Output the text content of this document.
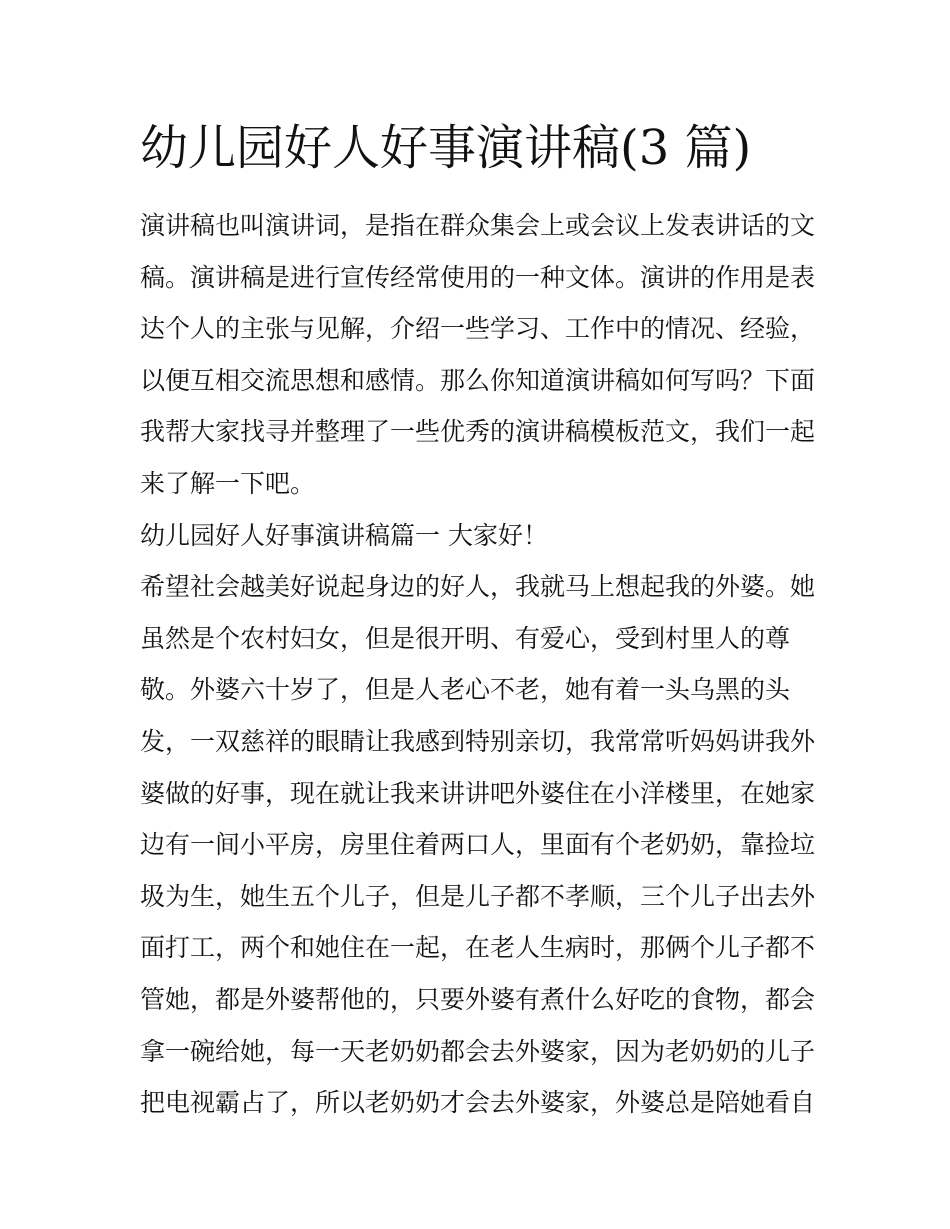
幼儿园好人好事演讲稿(3 篇)
演讲稿也叫演讲词，是指在群众集会上或会议上发表讲话的文
稿。演讲稿是进行宣传经常使用的一种文体。演讲的作用是表
达个人的主张与见解，介绍一些学习、工作中的情况、经验，
以便互相交流思想和感情。那么你知道演讲稿如何写吗？下面
我帮大家找寻并整理了一些优秀的演讲稿模板范文，我们一起
来了解一下吧。
幼儿园好人好事演讲稿篇一 大家好！
希望社会越美好说起身边的好人，我就马上想起我的外婆。她
虽然是个农村妇女，但是很开明、有爱心，受到村里人的尊
敬。外婆六十岁了，但是人老心不老，她有着一头乌黑的头
发，一双慈祥的眼睛让我感到特别亲切，我常常听妈妈讲我外
婆做的好事，现在就让我来讲讲吧外婆住在小洋楼里，在她家
边有一间小平房，房里住着两口人，里面有个老奶奶，靠捡垃
圾为生，她生五个儿子，但是儿子都不孝顺，三个儿子出去外
面打工，两个和她住在一起，在老人生病时，那俩个儿子都不
管她，都是外婆帮他的，只要外婆有煮什么好吃的食物，都会
拿一碗给她，每一天老奶奶都会去外婆家，因为老奶奶的儿子
把电视霸占了，所以老奶奶才会去外婆家，外婆总是陪她看自
